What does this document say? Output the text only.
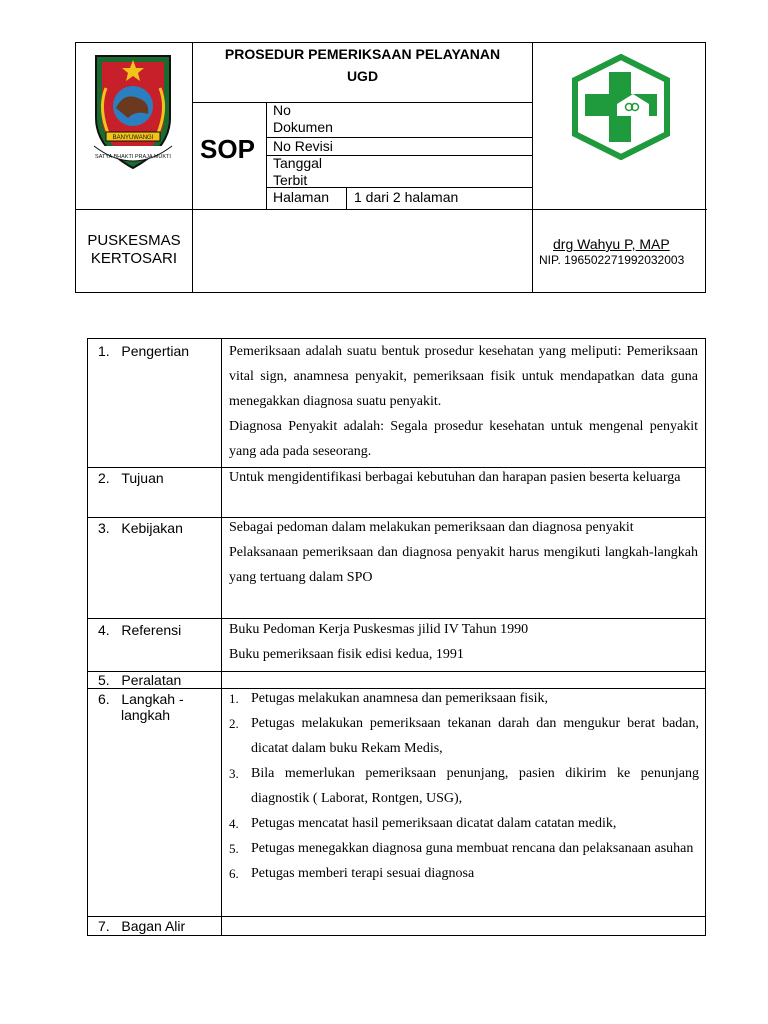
BANYUWANGI
SATYA BHAKTI PRAJA MUKTI
PROSEDUR PEMERIKSAAN PELAYANAN
UGD
SOP
No Dokumen
No Revisi
Tanggal Terbit
Halaman 1 dari 2 halaman
PUSKESMAS
KERTOSARI
drg Wahyu P, MAP
NIP. 196502271992032003
1. Pengertian	Pemeriksaan adalah suatu bentuk prosedur kesehatan yang meliputi: Pemeriksaan vital sign, anamnesa penyakit, pemeriksaan fisik untuk mendapatkan data guna menegakkan diagnosa suatu penyakit.

Diagnosa Penyakit adalah: Segala prosedur kesehatan untuk mengenal penyakit yang ada pada seseorang.

2. Tujuan	Untuk mengidentifikasi berbagai kebutuhan dan harapan pasien beserta keluarga

3. Kebijakan	Sebagai pedoman dalam melakukan pemeriksaan dan diagnosa penyakit

Pelaksanaan pemeriksaan dan diagnosa penyakit harus mengikuti langkah-langkah yang tertuang dalam SPO

4. Referensi	Buku Pedoman Kerja Puskesmas jilid IV Tahun 1990

Buku pemeriksaan fisik edisi kedua, 1991

5. Peralatan
6. Langkah -
langkah
1. Petugas melakukan anamnesa dan pemeriksaan fisik,
2. Petugas melakukan pemeriksaan tekanan darah dan mengukur berat badan, dicatat dalam buku Rekam Medis,
3. Bila memerlukan pemeriksaan penunjang, pasien dikirim ke penunjang diagnostik ( Laborat, Rontgen, USG),
4. Petugas mencatat hasil pemeriksaan dicatat dalam catatan medik,
5. Petugas menegakkan diagnosa guna membuat rencana dan pelaksanaan asuhan
6. Petugas memberi terapi sesuai diagnosa
7. Bagan Alir
